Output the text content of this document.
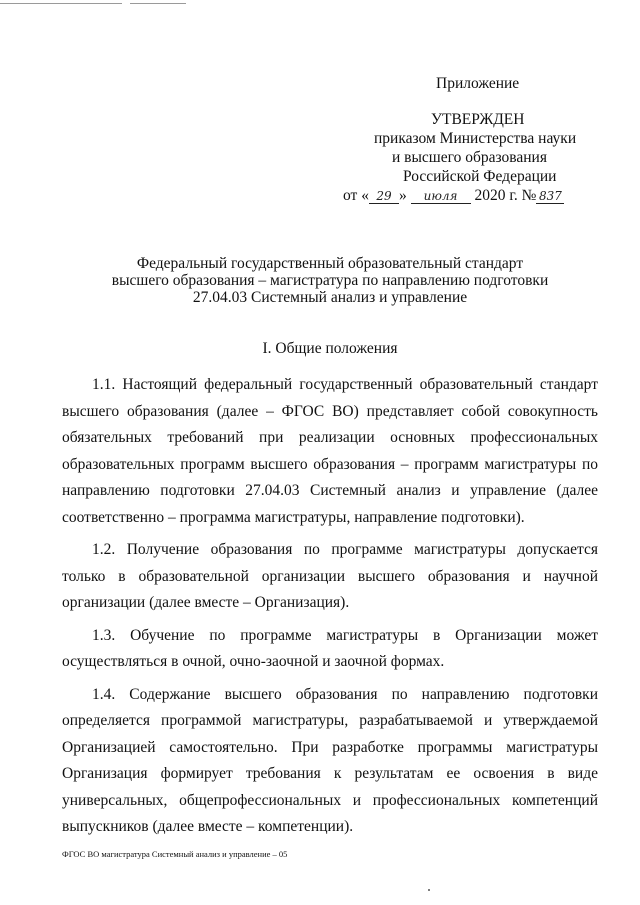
Приложение
УТВЕРЖДЕН
приказом Министерства науки
и высшего образования
Российской Федерации
от « 29 » июля 2020 г. № 837
Федеральный государственный образовательный стандарт
высшего образования – магистратура по направлению подготовки
27.04.03 Системный анализ и управление
I. Общие положения

1.1. Настоящий федеральный государственный образовательный стандарт высшего образования (далее – ФГОС ВО) представляет собой совокупность обязательных требований при реализации основных профессиональных образовательных программ высшего образования – программ магистратуры по направлению подготовки 27.04.03 Системный анализ и управление (далее соответственно – программа магистратуры, направление подготовки).

1.2. Получение образования по программе магистратуры допускается только в образовательной организации высшего образования и научной организации (далее вместе – Организация).

1.3. Обучение по программе магистратуры в Организации может осуществляться в очной, очно-заочной и заочной формах.

1.4. Содержание высшего образования по направлению подготовки определяется программой магистратуры, разрабатываемой и утверждаемой Организацией самостоятельно. При разработке программы магистратуры Организация формирует требования к результатам ее освоения в виде универсальных, общепрофессиональных и профессиональных компетенций выпускников (далее вместе – компетенции).

ФГОС ВО магистратура Системный анализ и управление – 05
